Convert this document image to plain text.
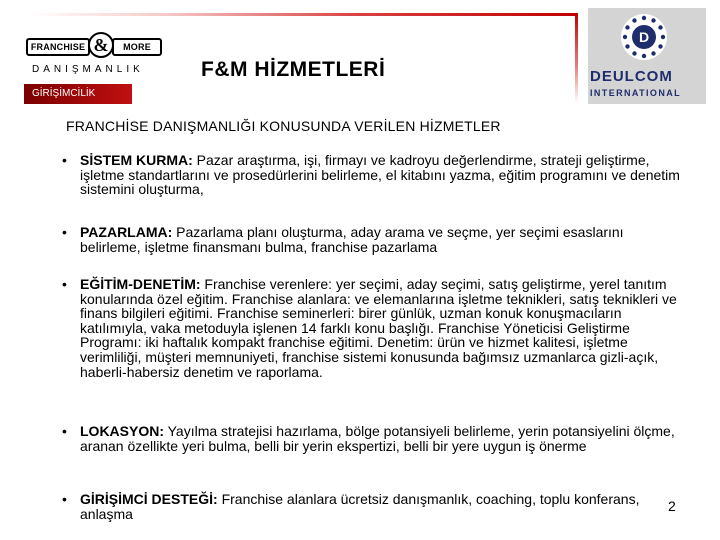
FRANCHISE &	MORE
DANIŞMANLIK
GİRİŞİMCİLİK
F&M HİZMETLERİ
D
DEULCOM
INTERNATIONAL
FRANCHİSE DANIŞMANLIĞI KONUSUNDA VERİLEN HİZMETLER
• SİSTEM KURMA: Pazar araştırma, işi, firmayı ve kadroyu değerlendirme, strateji geliştirme, işletme standartlarını ve prosedürlerini belirleme, el kitabını yazma, eğitim programını ve denetim sistemini oluşturma,
• PAZARLAMA: Pazarlama planı oluşturma, aday arama ve seçme, yer seçimi esaslarını belirleme, işletme finansmanı bulma, franchise pazarlama
• EĞİTİM-DENETİM: Franchise verenlere: yer seçimi, aday seçimi, satış geliştirme, yerel tanıtım konularında özel eğitim. Franchise alanlara: ve elemanlarına işletme teknikleri, satış teknikleri ve finans bilgileri eğitimi. Franchise seminerleri: birer günlük, uzman konuk konuşmacıların katılımıyla, vaka metoduyla işlenen 14 farklı konu başlığı. Franchise Yöneticisi Geliştirme Programı: iki haftalık kompakt franchise eğitimi. Denetim: ürün ve hizmet kalitesi, işletme verimliliği, müşteri memnuniyeti, franchise sistemi konusunda bağımsız uzmanlarca gizli-açık, haberli-habersiz denetim ve raporlama.
• LOKASYON: Yayılma stratejisi hazırlama, bölge potansiyeli belirleme, yerin potansiyelini ölçme, aranan özellikte yeri bulma, belli bir yerin ekspertizi, belli bir yere uygun iş önerme
• GİRİŞİMCİ DESTEĞİ: Franchise alanlara ücretsiz danışmanlık, coaching, toplu konferans, anlaşma	2
